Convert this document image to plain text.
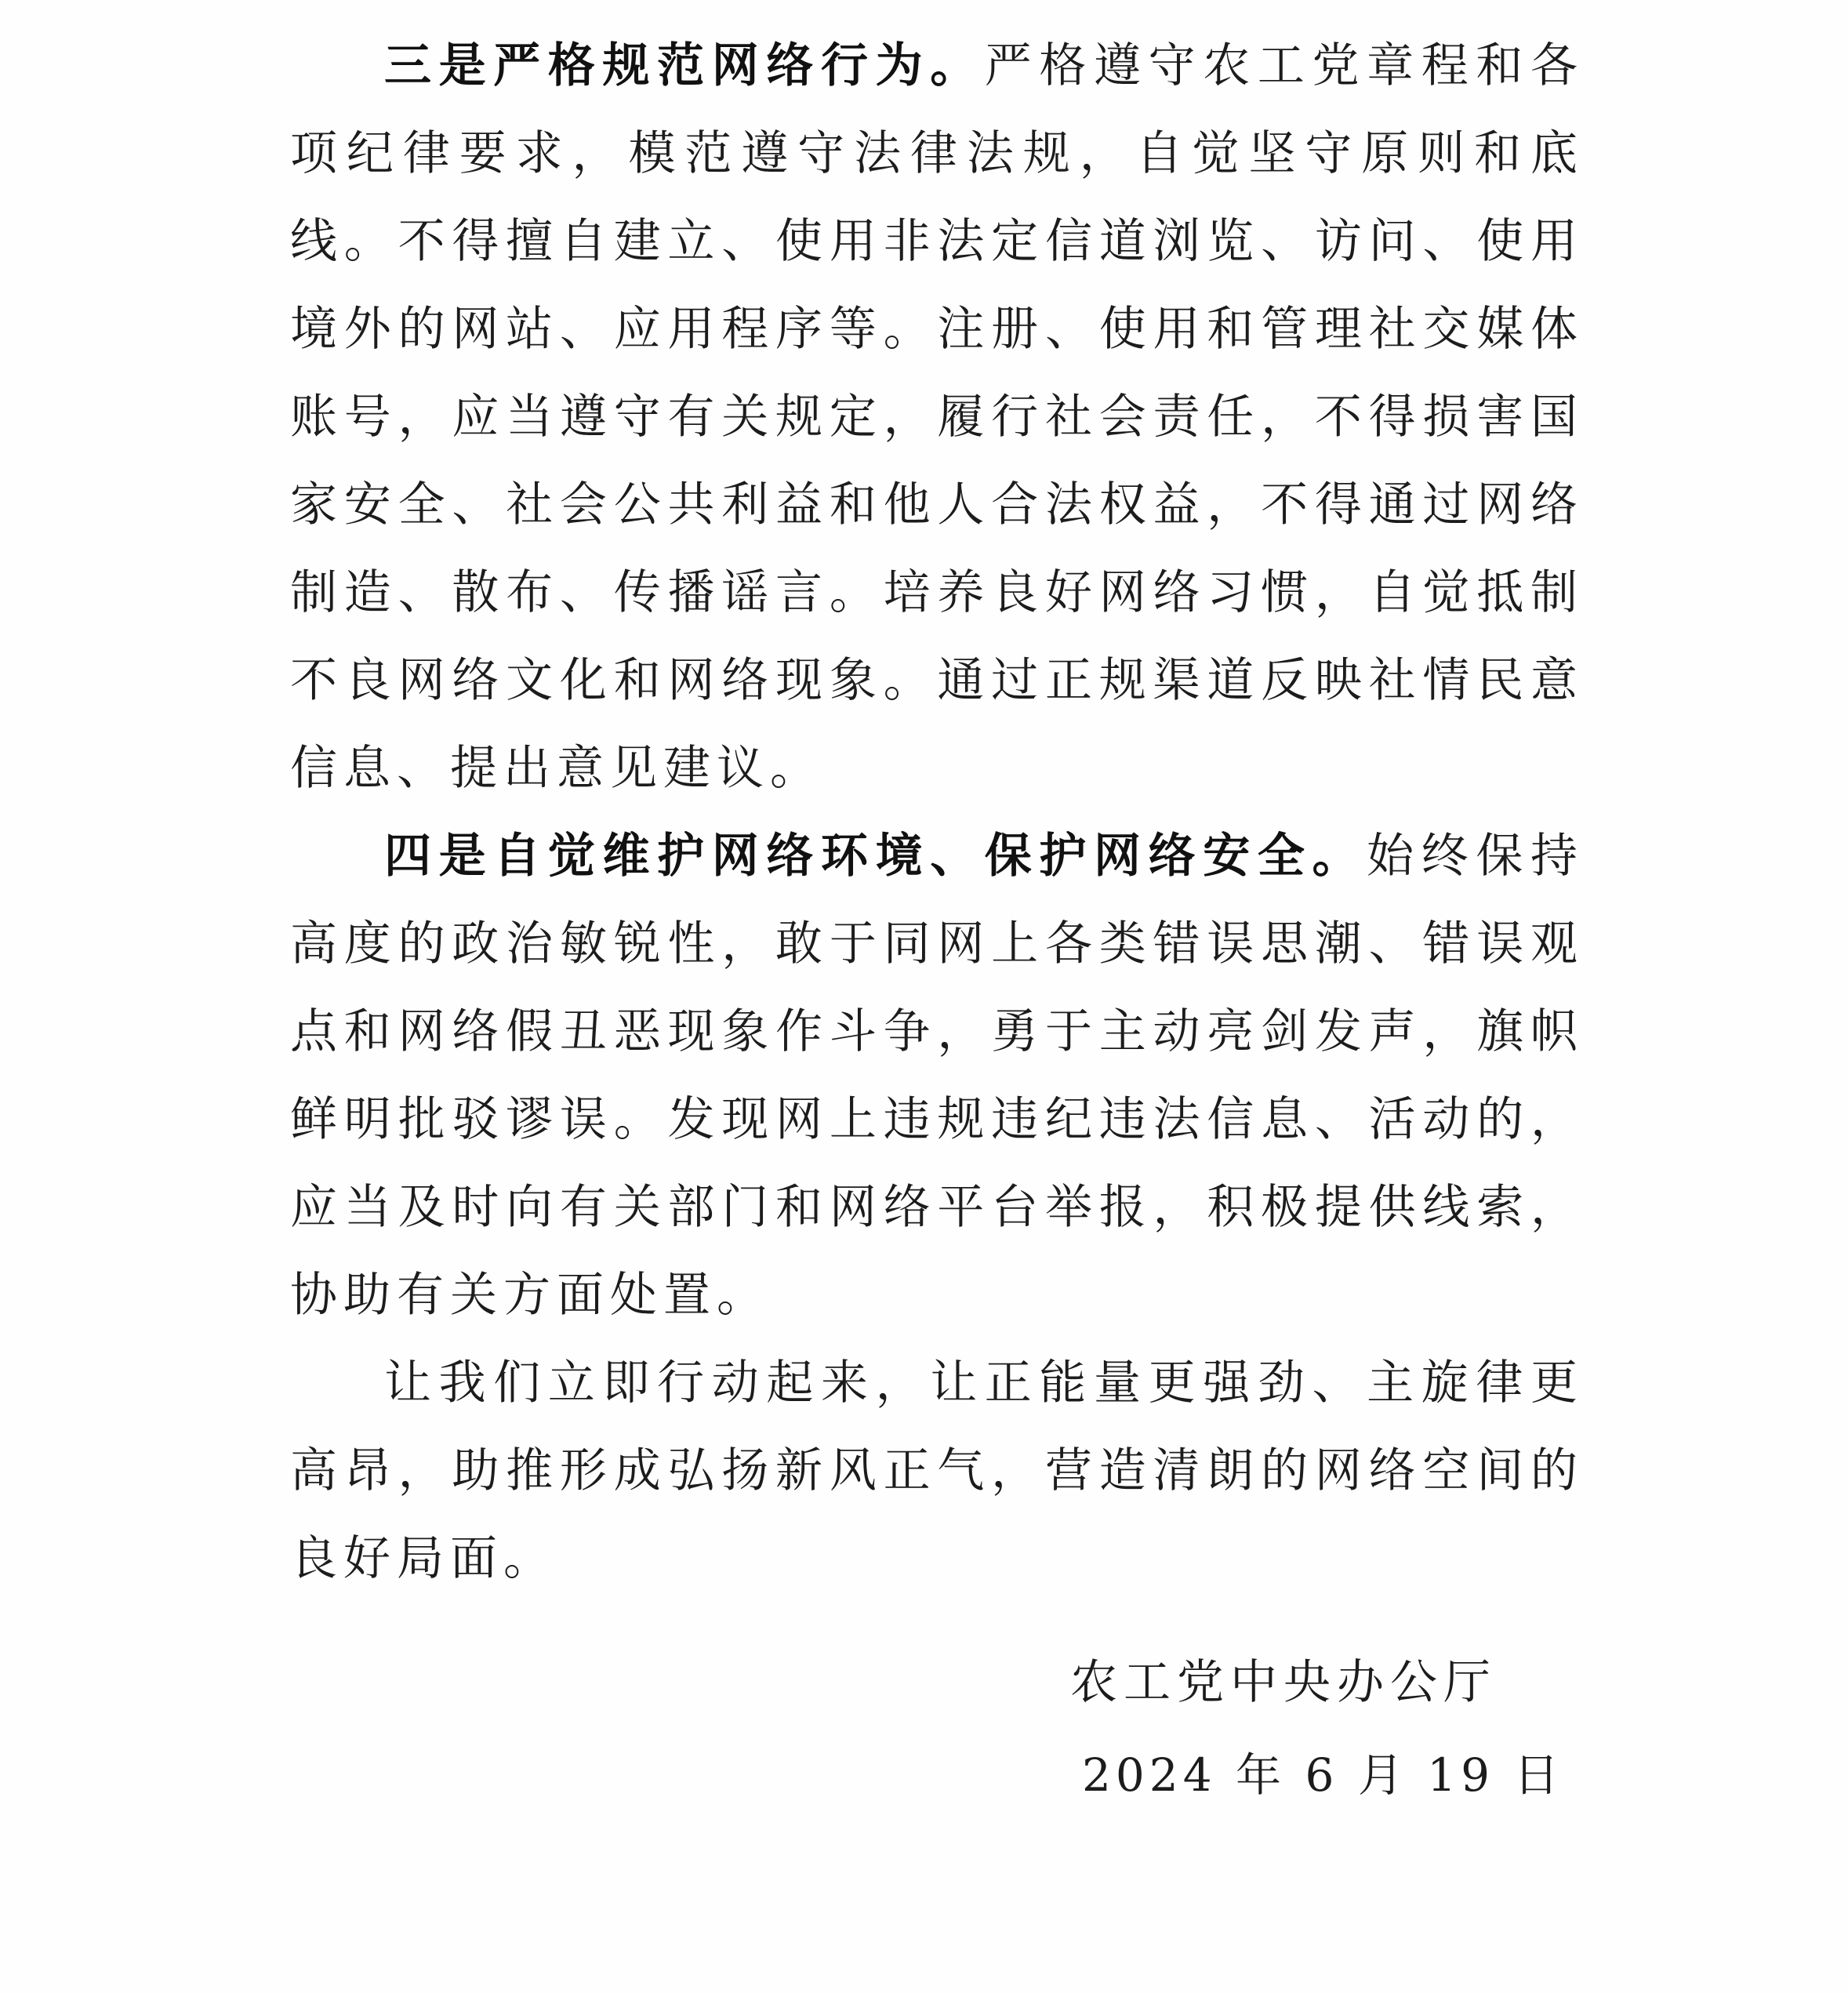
三是严格规范网络行为。严格遵守农工党章程和各项纪律要求，模范遵守法律法规，自觉坚守原则和底线。不得擅自建立、使用非法定信道浏览、访问、使用境外的网站、应用程序等。注册、使用和管理社交媒体账号，应当遵守有关规定，履行社会责任，不得损害国家安全、社会公共利益和他人合法权益，不得通过网络制造、散布、传播谣言。培养良好网络习惯，自觉抵制不良网络文化和网络现象。通过正规渠道反映社情民意信息、提出意见建议。

四是自觉维护网络环境、保护网络安全。始终保持高度的政治敏锐性，敢于同网上各类错误思潮、错误观点和网络假丑恶现象作斗争，勇于主动亮剑发声，旗帜鲜明批驳谬误。发现网上违规违纪违法信息、活动的，应当及时向有关部门和网络平台举报，积极提供线索，协助有关方面处置。

让我们立即行动起来，让正能量更强劲、主旋律更高昂，助推形成弘扬新风正气，营造清朗的网络空间的良好局面。

农工党中央办公厅
2024 年 6 月 19 日
